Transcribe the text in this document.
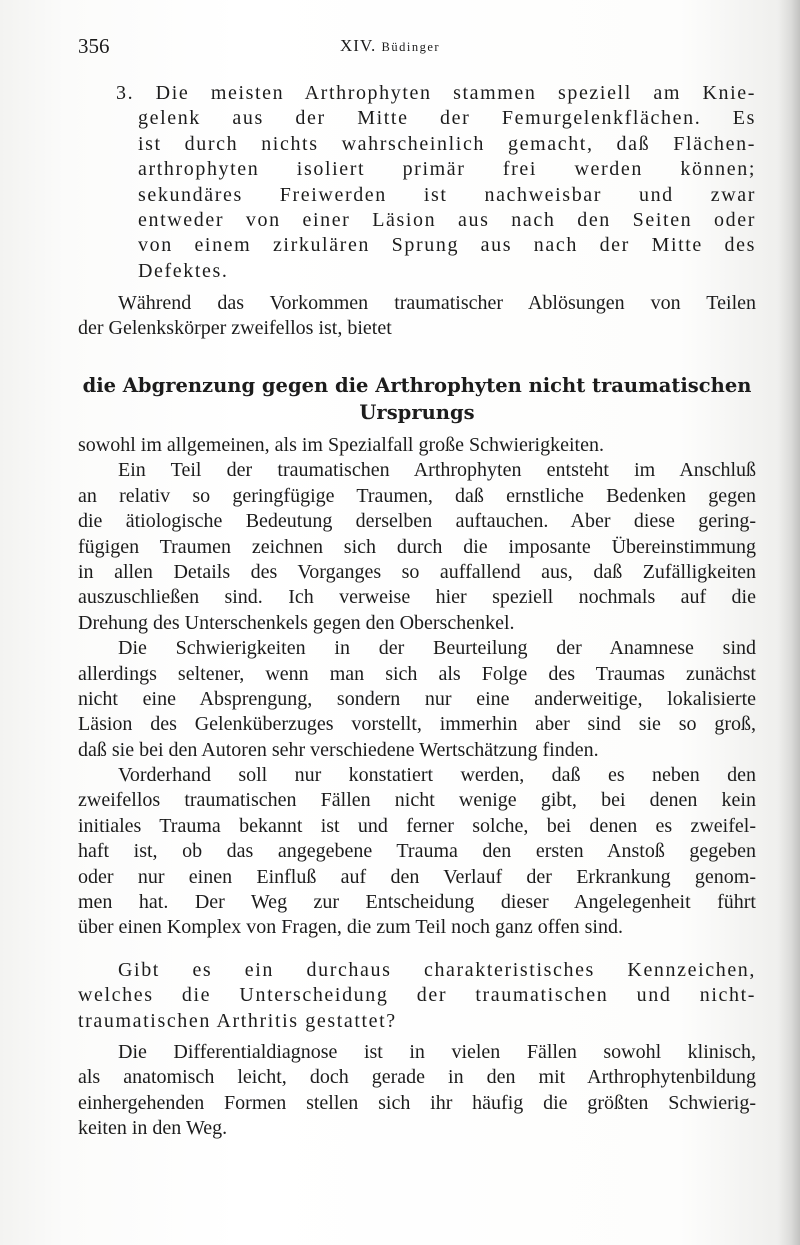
356	XIV. Büdinger
3. Die meisten Arthrophyten stammen speziell am Knie-
gelenk aus der Mitte der Femurgelenkflächen. Es
ist durch nichts wahrscheinlich gemacht, daß Flächen-
arthrophyten isoliert primär frei werden können;
sekundäres Freiwerden ist nachweisbar und zwar
entweder von einer Läsion aus nach den Seiten oder
von einem zirkulären Sprung aus nach der Mitte des
Defektes.
Während das Vorkommen traumatischer Ablösungen von Teilen
der Gelenkskörper zweifellos ist, bietet
die Abgrenzung gegen die Arthrophyten nicht traumatischen
Ursprungs
sowohl im allgemeinen, als im Spezialfall große Schwierigkeiten.
Ein Teil der traumatischen Arthrophyten entsteht im Anschluß
an relativ so geringfügige Traumen, daß ernstliche Bedenken gegen
die ätiologische Bedeutung derselben auftauchen. Aber diese gering-
fügigen Traumen zeichnen sich durch die imposante Übereinstimmung
in allen Details des Vorganges so auffallend aus, daß Zufälligkeiten
auszuschließen sind. Ich verweise hier speziell nochmals auf die
Drehung des Unterschenkels gegen den Oberschenkel.
Die Schwierigkeiten in der Beurteilung der Anamnese sind
allerdings seltener, wenn man sich als Folge des Traumas zunächst
nicht eine Absprengung, sondern nur eine anderweitige, lokalisierte
Läsion des Gelenküberzuges vorstellt, immerhin aber sind sie so groß,
daß sie bei den Autoren sehr verschiedene Wertschätzung finden.
Vorderhand soll nur konstatiert werden, daß es neben den
zweifellos traumatischen Fällen nicht wenige gibt, bei denen kein
initiales Trauma bekannt ist und ferner solche, bei denen es zweifel-
haft ist, ob das angegebene Trauma den ersten Anstoß gegeben
oder nur einen Einfluß auf den Verlauf der Erkrankung genom-
men hat. Der Weg zur Entscheidung dieser Angelegenheit führt
über einen Komplex von Fragen, die zum Teil noch ganz offen sind.
Gibt es ein durchaus charakteristisches Kennzeichen,
welches die Unterscheidung der traumatischen und nicht-
traumatischen Arthritis gestattet?
Die Differentialdiagnose ist in vielen Fällen sowohl klinisch,
als anatomisch leicht, doch gerade in den mit Arthrophytenbildung
einhergehenden Formen stellen sich ihr häufig die größten Schwierig-
keiten in den Weg.
